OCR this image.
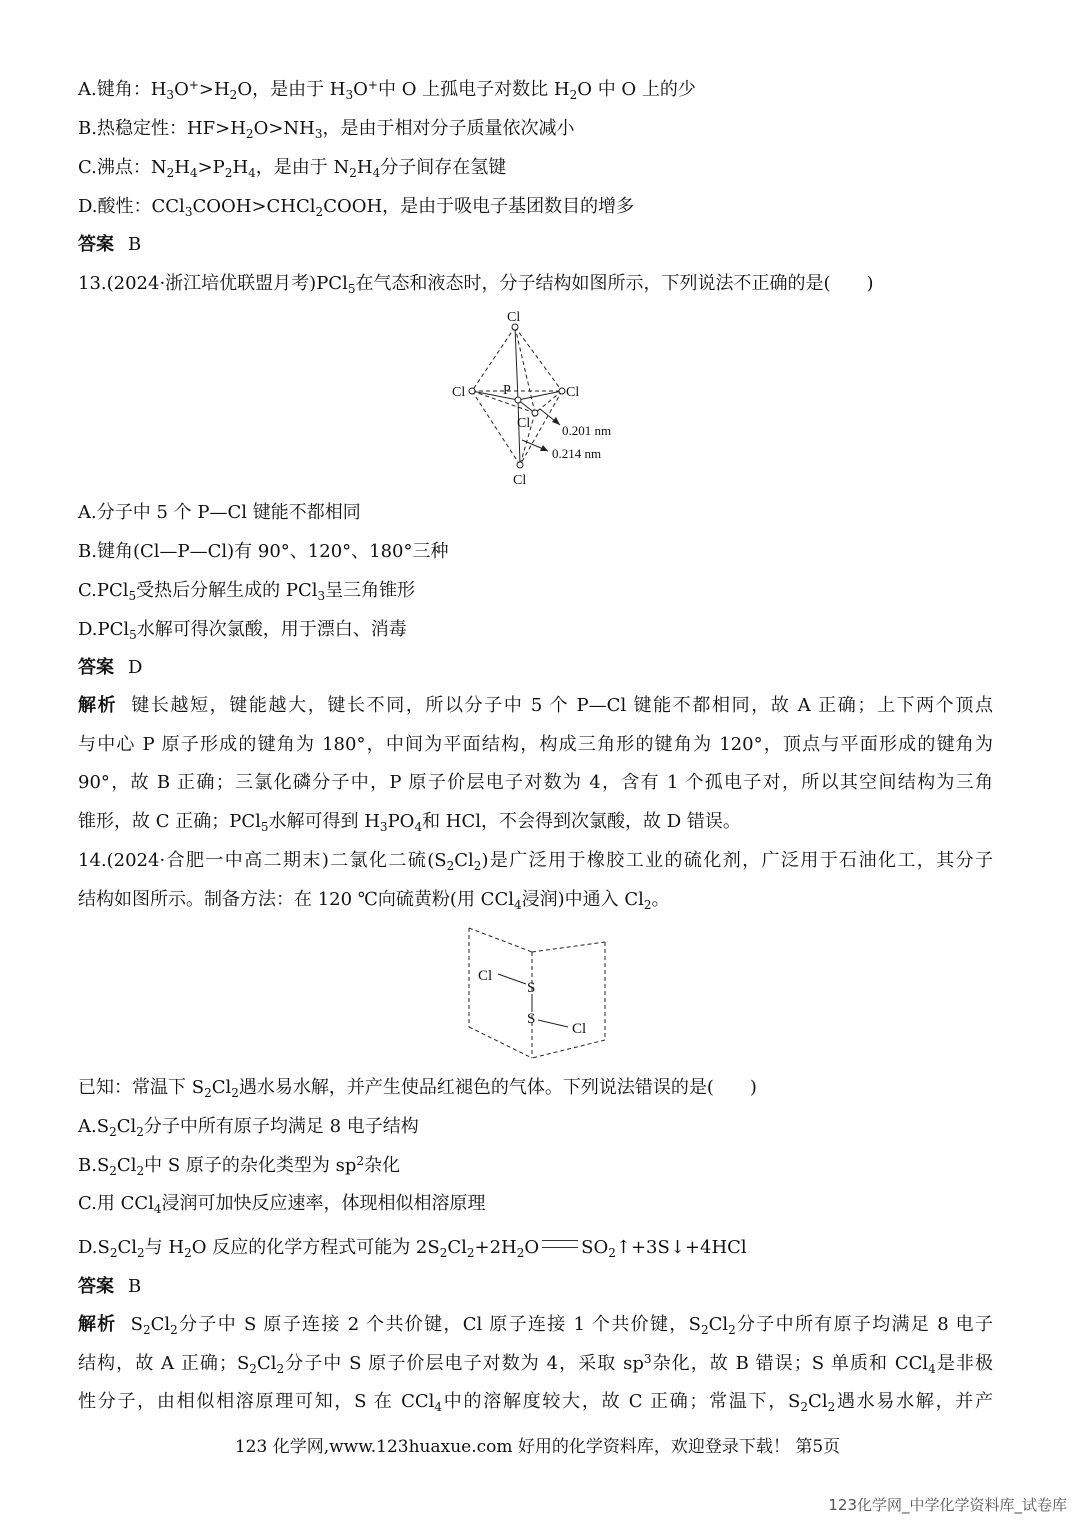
A.键角：$H_3O^+>H_2O$，是由于 $H_3O^+$中 O 上孤电子对数比 $H_2O$ 中 O 上的少
B.热稳定性：$HF>H_2O>NH_3$，是由于相对分子质量依次减小
C.沸点：$N_2H_4>P_2H_4$，是由于 $N_2H_4$分子间存在氢键
D.酸性：CCl$_3$COOH>CHCl$_2$COOH，是由于吸电子基团数目的增多
答案 B
13.(2024·浙江培优联盟月考)PCl$_5$在气态和液态时，分子结构如图所示，下列说法不正确的是(　　)
Cl
Cl	P	Cl
Cl
Cl
0.201 nm
0.214 nm
A.分子中 5 个 P—Cl 键能不都相同
B.键角(Cl—P—Cl)有 90°、120°、180°三种
C.PCl$_5$受热后分解生成的 PCl$_3$呈三角锥形
D.PCl$_5$水解可得次氯酸，用于漂白、消毒
答案 D
解析 键长越短，键能越大，键长不同，所以分子中 5 个 P—Cl 键能不都相同，故 A 正确；上下两个顶点
与中心 P 原子形成的键角为 180°，中间为平面结构，构成三角形的键角为 120°，顶点与平面形成的键角为
90°，故 B 正确；三氯化磷分子中，P 原子价层电子对数为 4，含有 1 个孤电子对，所以其空间结构为三角
锥形，故 C 正确；PCl$_5$水解可得到 $H_3PO_4$和 HCl，不会得到次氯酸，故 D 错误。
14.(2024·合肥一中高二期末)二氯化二硫$(S_2Cl_2)$是广泛用于橡胶工业的硫化剂，广泛用于石油化工，其分子
结构如图所示。制备方法：在 120 ℃向硫黄粉(用 CCl$_4$浸润)中通入 $Cl_2$。
Cl
S
S
Cl
已知：常温下 $S_2Cl_2$遇水易水解，并产生使品红褪色的气体。下列说法错误的是(　　)
$A.S_2Cl_2$分子中所有原子均满足 8 电子结构
$B.S_2Cl_2$中 S 原子的杂化类型为 $sp^2$杂化
C.用 CCl$_4$浸润可加快反应速率，体现相似相溶原理
$D.S_2Cl_2$与 $H_2O$ 反应的化学方程式可能为 $2S_2Cl_2+2H_2O$ $SO_2↑+3S↓+4HCl$
答案 B
解析 $S_2Cl_2$分子中 S 原子连接 2 个共价键，Cl 原子连接 1 个共价键，$S_2Cl_2$分子中所有原子均满足 8 电子
结构，故 A 正确；$S_2Cl_2$分子中 S 原子价层电子对数为 4，采取 $sp^3$杂化，故 B 错误；S 单质和 CCl$_4$是非极
性分子，由相似相溶原理可知，S 在 CCl$_4$中的溶解度较大，故 C 正确；常温下，$S_2Cl_2$遇水易水解，并产
123 化学网,www.123huaxue.com 好用的化学资料库，欢迎登录下载！ 第5页
123化学网_中学化学资料库_试卷库
